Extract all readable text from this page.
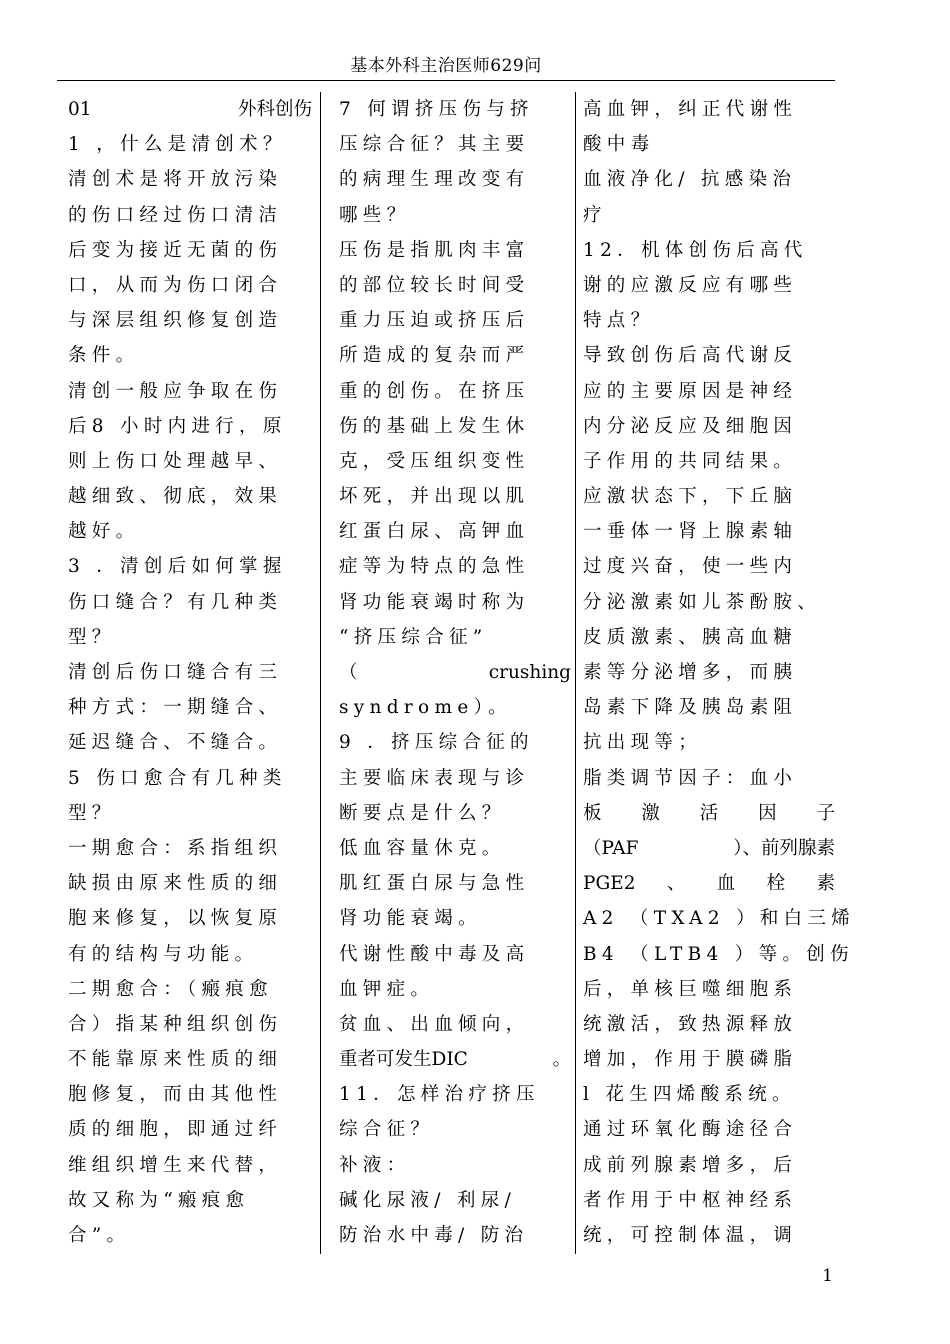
基本外科主治医师629问
01	外科创伤
1 ，什么是清创术？
清创术是将开放污染
的伤口经过伤口清洁
后变为接近无菌的伤
口，从而为伤口闭合
与深层组织修复创造
条件。
清创一般应争取在伤
后8 小时内进行，原
则上伤口处理越早、
越细致、彻底，效果
越好。
3 ．清创后如何掌握
伤口缝合？有几种类
型？
清创后伤口缝合有三
种方式：一期缝合、
延迟缝合、不缝合。
5 伤口愈合有几种类
型？
一期愈合：系指组织
缺损由原来性质的细
胞来修复，以恢复原
有的结构与功能。
二期愈合：（瘢痕愈
合）指某种组织创伤
不能靠原来性质的细
胞修复，而由其他性
质的细胞，即通过纤
维组织增生来代替，
故又称为“瘢痕愈
合”。
7 何谓挤压伤与挤
压综合征？其主要
的病理生理改变有
哪些？
压伤是指肌肉丰富
的部位较长时间受
重力压迫或挤压后
所造成的复杂而严
重的创伤。在挤压
伤的基础上发生休
克，受压组织变性
坏死，并出现以肌
红蛋白尿、高钾血
症等为特点的急性
肾功能衰竭时称为
“挤压综合征”
（	crushing
syndrome）。
9 ．挤压综合征的
主要临床表现与诊
断要点是什么？
低血容量休克。
肌红蛋白尿与急性
肾功能衰竭。
代谢性酸中毒及高
血钾症。
贫血、出血倾向，
重者可发生DIC	。
11．怎样治疗挤压
综合征？
补液：
碱化尿液/ 利尿/
防治水中毒/ 防治
高血钾，纠正代谢性
酸中毒
血液净化/ 抗感染治
疗
12．机体创伤后高代
谢的应激反应有哪些
特点？
导致创伤后高代谢反
应的主要原因是神经
内分泌反应及细胞因
子作用的共同结果。
应激状态下，下丘脑
一垂体一肾上腺素轴
过度兴奋，使一些内
分泌激素如儿茶酚胺、
皮质激素、胰高血糖
素等分泌增多，而胰
岛素下降及胰岛素阻
抗出现等；
脂类调节因子：血小
板 激 活 因 子
（PAF	）、前列腺素
PGE2 、 血 栓 素
A2 （TXA2 ）和白三烯
B4 （LTB4 ）等。创伤
后，单核巨噬细胞系
统激活，致热源释放
增加，作用于膜磷脂
l 花生四烯酸系统。
通过环氧化酶途径合
成前列腺素增多，后
者作用于中枢神经系
统，可控制体温，调
1
